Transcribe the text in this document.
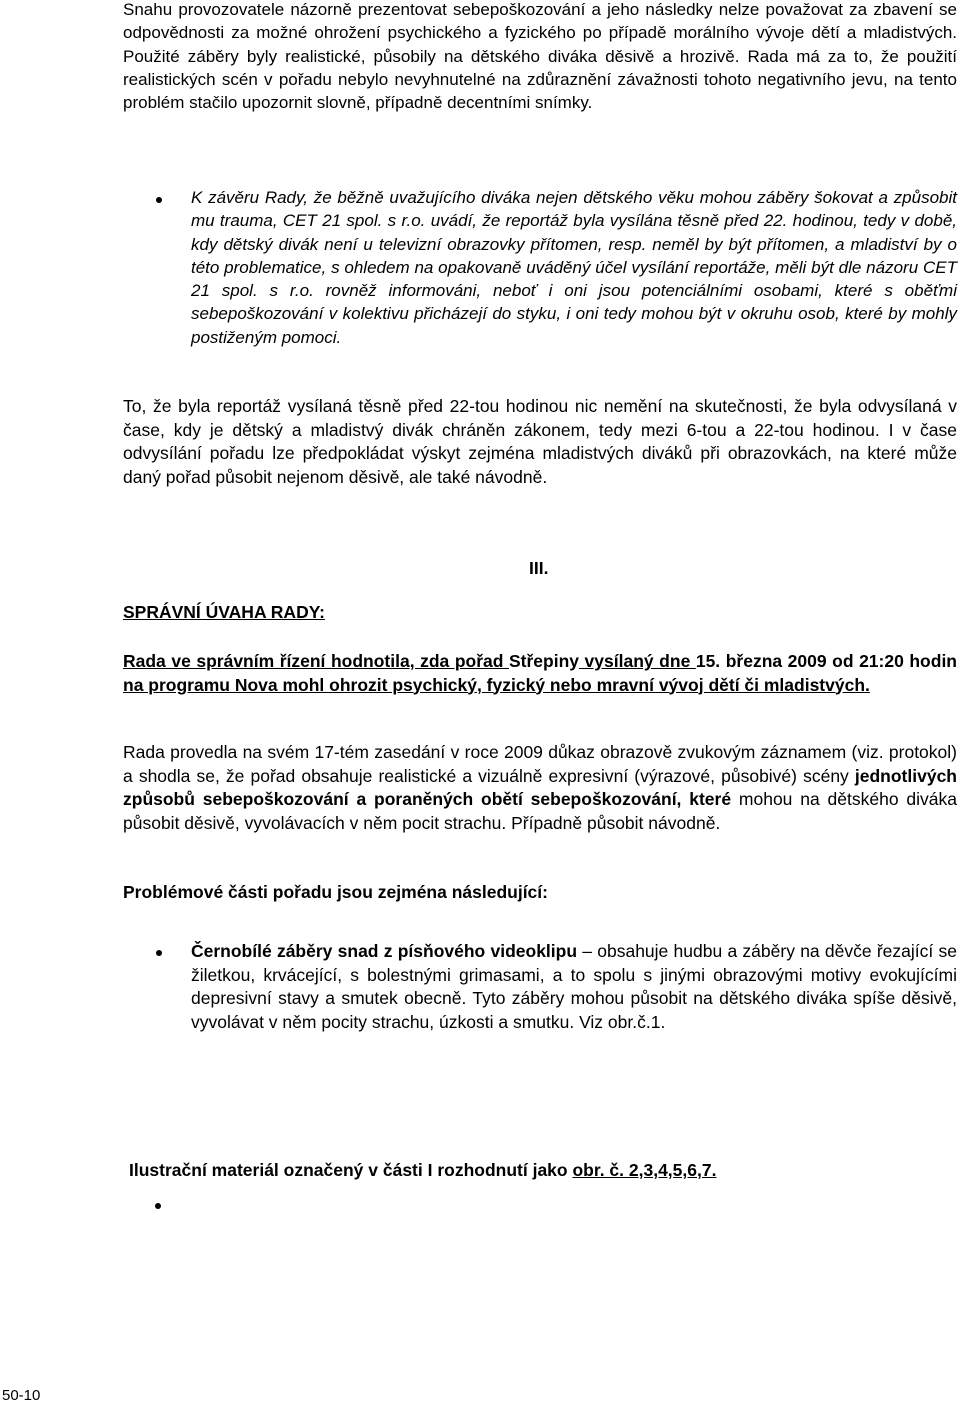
Snahu provozovatele názorně prezentovat sebepoškozování a jeho následky nelze považovat za zbavení se odpovědnosti za možné ohrožení psychického a fyzického po případě morálního vývoje dětí a mladistvých. Použité záběry byly realistické, působily na dětského diváka děsivě a hrozivě. Rada má za to, že použití realistických scén v pořadu nebylo nevyhnutelné na zdůraznění závažnosti tohoto negativního jevu, na tento problém stačilo upozornit slovně, případně decentními snímky.

K závěru Rady, že běžně uvažujícího diváka nejen dětského věku mohou záběry šokovat a způsobit mu trauma, CET 21 spol. s r.o. uvádí, že reportáž byla vysílána těsně před 22. hodinou, tedy v době, kdy dětský divák není u televizní obrazovky přítomen, resp. neměl by být přítomen, a mladiství by o této problematice, s ohledem na opakovaně uváděný účel vysílání reportáže, měli být dle názoru CET 21 spol. s r.o. rovněž informováni, neboť i oni jsou potenciálními osobami, které s oběťmi sebepoškozování v kolektivu přicházejí do styku, i oni tedy mohou být v okruhu osob, které by mohly postiženým pomoci.

To, že byla reportáž vysílaná těsně před 22-tou hodinou nic nemění na skutečnosti, že byla odvysílaná v čase, kdy je dětský a mladistvý divák chráněn zákonem, tedy mezi 6-tou a 22-tou hodinou. I v čase odvysílání pořadu lze předpokládat výskyt zejména mladistvých diváků při obrazovkách, na které může daný pořad působit nejenom děsivě, ale také návodně.

III.
SPRÁVNÍ ÚVAHA RADY:

Rada ve správním řízení hodnotila, zda pořad Střepiny vysílaný dne 15. března 2009 od 21:20 hodin na programu Nova mohl ohrozit psychický, fyzický nebo mravní vývoj dětí či mladistvých.

Rada provedla na svém 17-tém zasedání v roce 2009 důkaz obrazově zvukovým záznamem (viz. protokol) a shodla se, že pořad obsahuje realistické a vizuálně expresivní (výrazové, působivé) scény jednotlivých způsobů sebepoškozování a poraněných obětí sebepoškozování, které mohou na dětského diváka působit děsivě, vyvolávacích v něm pocit strachu. Případně působit návodně.

Problémové části pořadu jsou zejména následující:

Černobílé záběry snad z písňového videoklipu – obsahuje hudbu a záběry na děvče řezající se žiletkou, krvácející, s bolestnými grimasami, a to spolu s jinými obrazovými motivy evokujícími depresivní stavy a smutek obecně. Tyto záběry mohou působit na dětského diváka spíše děsivě, vyvolávat v něm pocity strachu, úzkosti a smutku. Viz obr.č.1.

Ilustrační materiál označený v části I rozhodnutí jako obr. č. 2,3,4,5,6,7.
50-10
